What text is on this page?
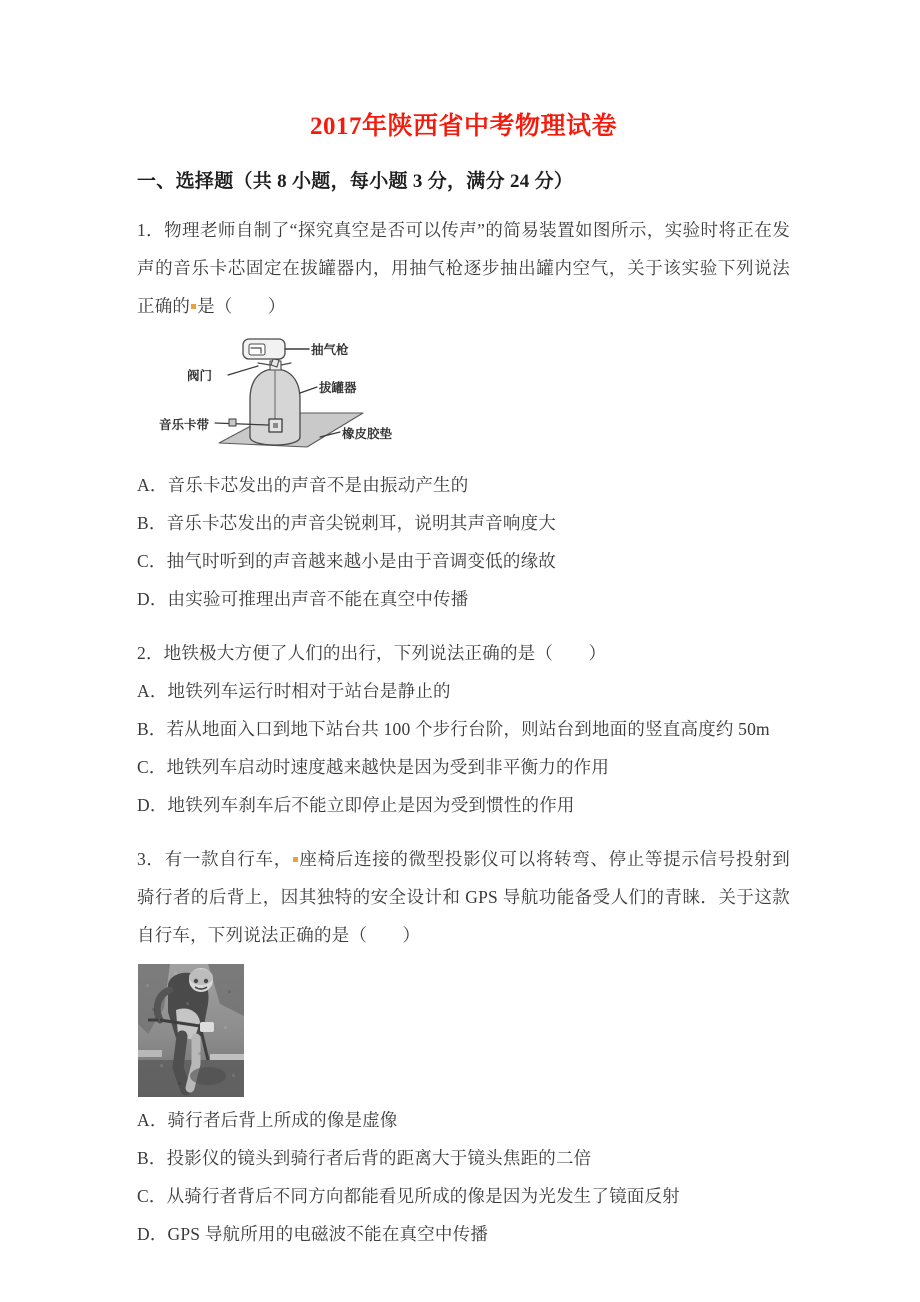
2017年陕西省中考物理试卷
一、选择题（共 8 小题，每小题 3 分，满分 24 分）
1．物理老师自制了“探究真空是否可以传声”的简易装置如图所示，实验时将正在发声的音乐卡芯固定在拔罐器内，用抽气枪逐步抽出罐内空气，关于该实验下列说法正确的 是（　　）
抽气枪
阀门
拔罐器
音乐卡带
橡皮胶垫
A．音乐卡芯发出的声音不是由振动产生的
B．音乐卡芯发出的声音尖锐刺耳，说明其声音响度大
C．抽气时听到的声音越来越小是由于音调变低的缘故
D．由实验可推理出声音不能在真空中传播
2．地铁极大方便了人们的出行，下列说法正确的是（　　）
A．地铁列车运行时相对于站台是静止的
B．若从地面入口到地下站台共 100 个步行台阶，则站台到地面的竖直高度约 50m
C．地铁列车启动时速度越来越快是因为受到非平衡力的作用
D．地铁列车刹车后不能立即停止是因为受到惯性的作用
3．有一款自行车， 座椅后连接的微型投影仪可以将转弯、停止等提示信号投射到骑行者的后背上，因其独特的安全设计和 GPS 导航功能备受人们的青睐．关于这款自行车，下列说法正确的是（　　）
A．骑行者后背上所成的像是虚像
B．投影仪的镜头到骑行者后背的距离大于镜头焦距的二倍
C．从骑行者背后不同方向都能看见所成的像是因为光发生了镜面反射
D．GPS 导航所用的电磁波不能在真空中传播
